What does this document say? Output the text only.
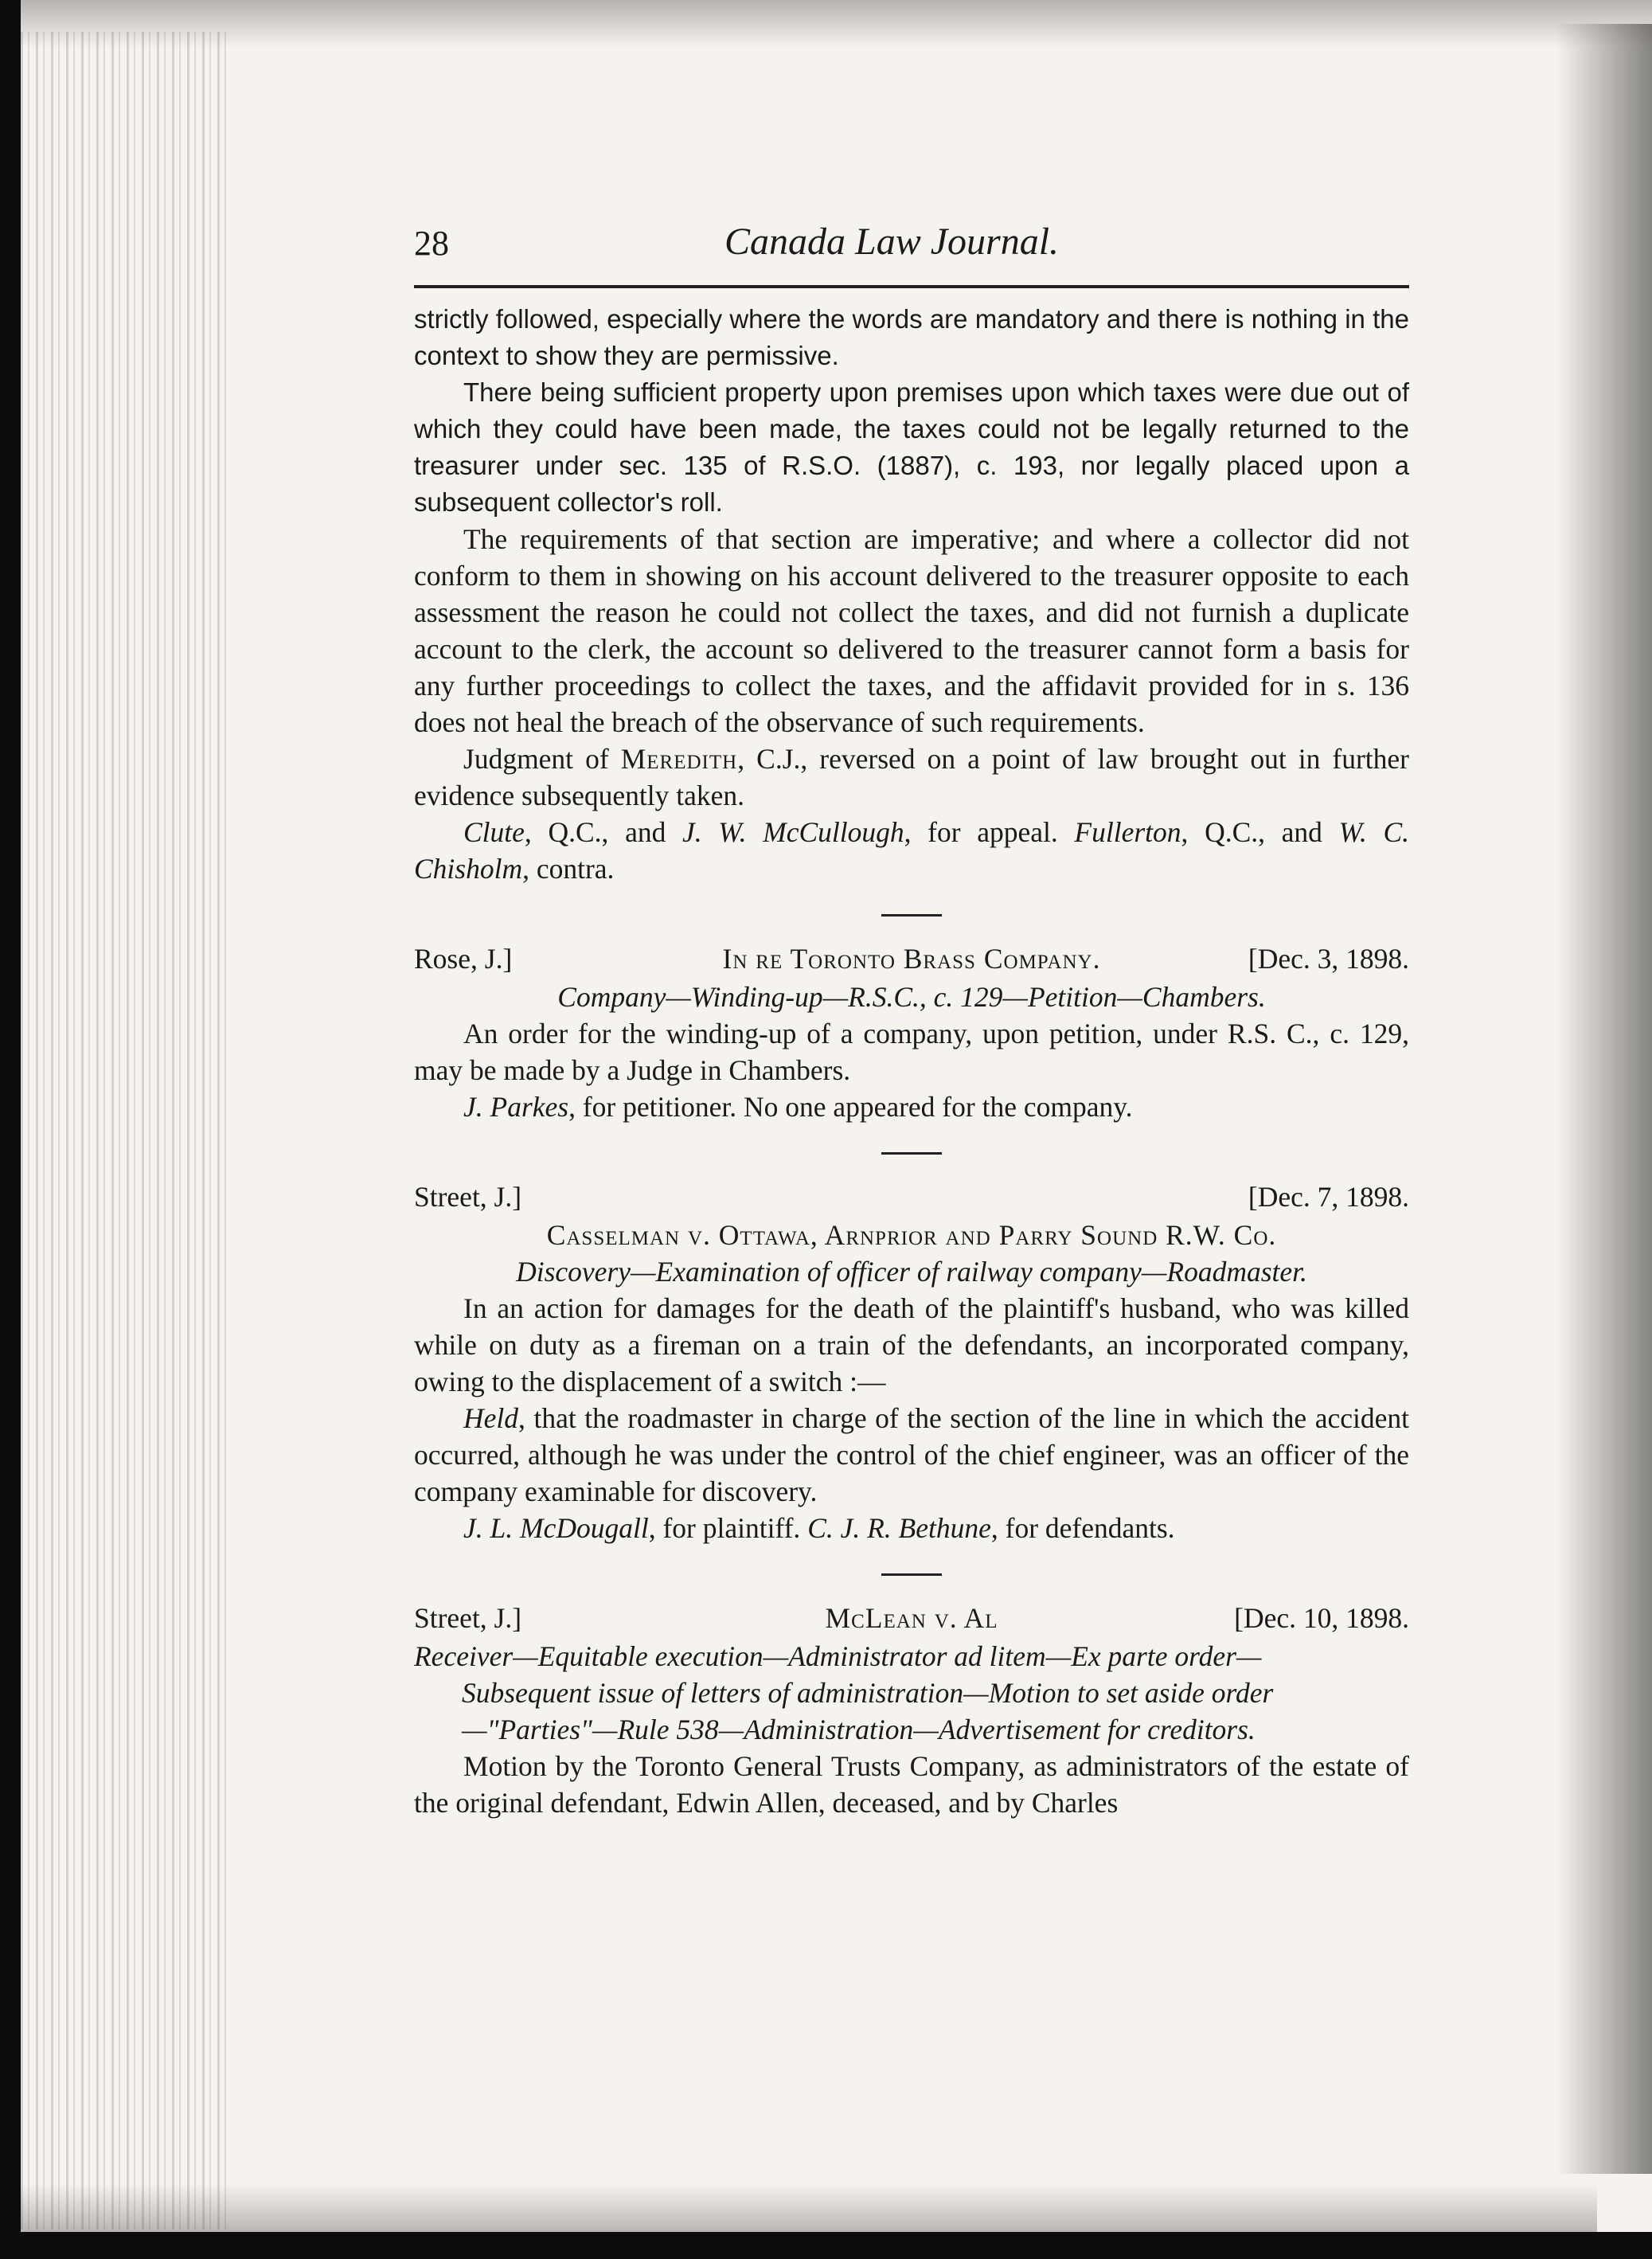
28	Canada Law Journal.

strictly followed, especially where the words are mandatory and there is nothing in the context to show they are permissive.

There being sufficient property upon premises upon which taxes were due out of which they could have been made, the taxes could not be legally returned to the treasurer under sec. 135 of R.S.O. (1887), c. 193, nor legally placed upon a subsequent collector's roll.

The requirements of that section are imperative; and where a collector did not conform to them in showing on his account delivered to the treasurer opposite to each assessment the reason he could not collect the taxes, and did not furnish a duplicate account to the clerk, the account so delivered to the treasurer cannot form a basis for any further proceedings to collect the taxes, and the affidavit provided for in s. 136 does not heal the breach of the observance of such requirements.

Judgment of Meredith, C.J., reversed on a point of law brought out in further evidence subsequently taken.

Clute, Q.C., and J. W. McCullough, for appeal. Fullerton, Q.C., and W. C. Chisholm, contra.

In re Toronto Brass Company.
Rose, J.]	[Dec. 3, 1898.

Company—Winding-up—R.S.C., c. 129—Petition—Chambers.

An order for the winding-up of a company, upon petition, under R.S. C., c. 129, may be made by a Judge in Chambers.

J. Parkes, for petitioner. No one appeared for the company.

Street, J.]	[Dec. 7, 1898.

Casselman v. Ottawa, Arnprior and Parry Sound R.W. Co.

Discovery—Examination of officer of railway company—Roadmaster.

In an action for damages for the death of the plaintiff's husband, who was killed while on duty as a fireman on a train of the defendants, an incorporated company, owing to the displacement of a switch :—

Held, that the roadmaster in charge of the section of the line in which the accident occurred, although he was under the control of the chief engineer, was an officer of the company examinable for discovery.

J. L. McDougall, for plaintiff. C. J. R. Bethune, for defendants.

McLean v. Al
Street, J.]	[Dec. 10, 1898.

Receiver—Equitable execution—Administrator ad litem—Ex parte order—
Subsequent issue of letters of administration—Motion to set aside order
—"Parties"—Rule 538—Administration—Advertisement for creditors.

Motion by the Toronto General Trusts Company, as administrators of the estate of the original defendant, Edwin Allen, deceased, and by Charles
